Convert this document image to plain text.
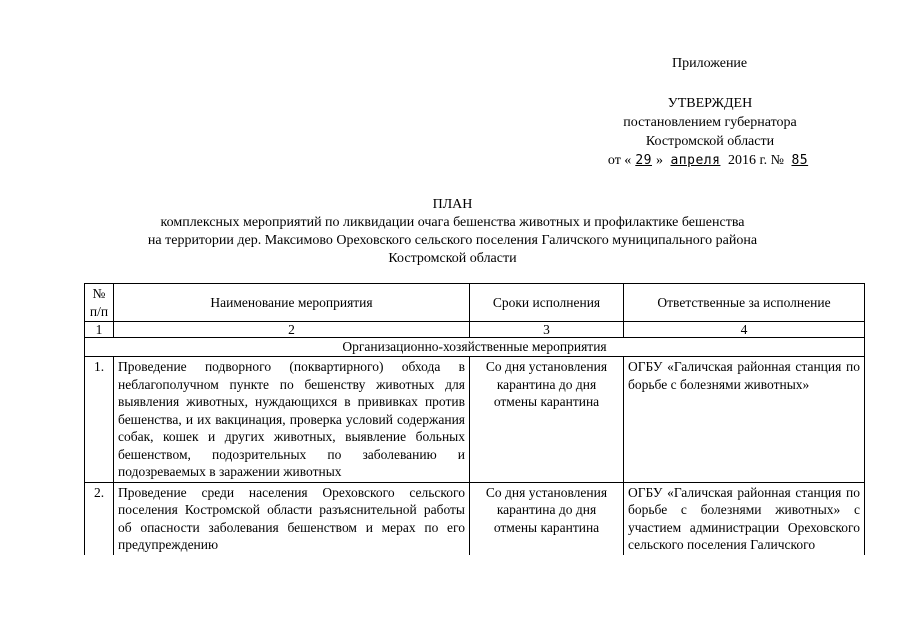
Приложение
УТВЕРЖДЕН
постановлением губернатора
Костромской области
от « 29 » апреля 2016 г. № 85
ПЛАН
комплексных мероприятий по ликвидации очага бешенства животных и профилактике бешенства
на территории дер. Максимово Ореховского сельского поселения Галичского муниципального района
Костромской области
№ п/п	Наименование мероприятия	Сроки исполнения	Ответственные за исполнение
1	2	3	4
Организационно-хозяйственные мероприятия			
1.	Проведение подворного (поквартирного) обхода в неблагополучном пункте по бешенству животных для выявления животных, нуждающихся в прививках против бешенства, и их вакцинация, проверка условий содержания собак, кошек и других животных, выявление больных бешенством, подозрительных по заболеванию и подозреваемых в заражении животных	Со дня установления карантина до дня отмены карантина	ОГБУ «Галичская районная станция по борьбе с болезнями животных»
2.	Проведение среди населения Ореховского сельского поселения Костромской области разъяснительной работы об опасности заболевания бешенством и мерах по его предупреждению	Со дня установления карантина до дня отмены карантина	ОГБУ «Галичская районная станция по борьбе с болезнями животных» с участием администрации Ореховского сельского поселения Галичского
